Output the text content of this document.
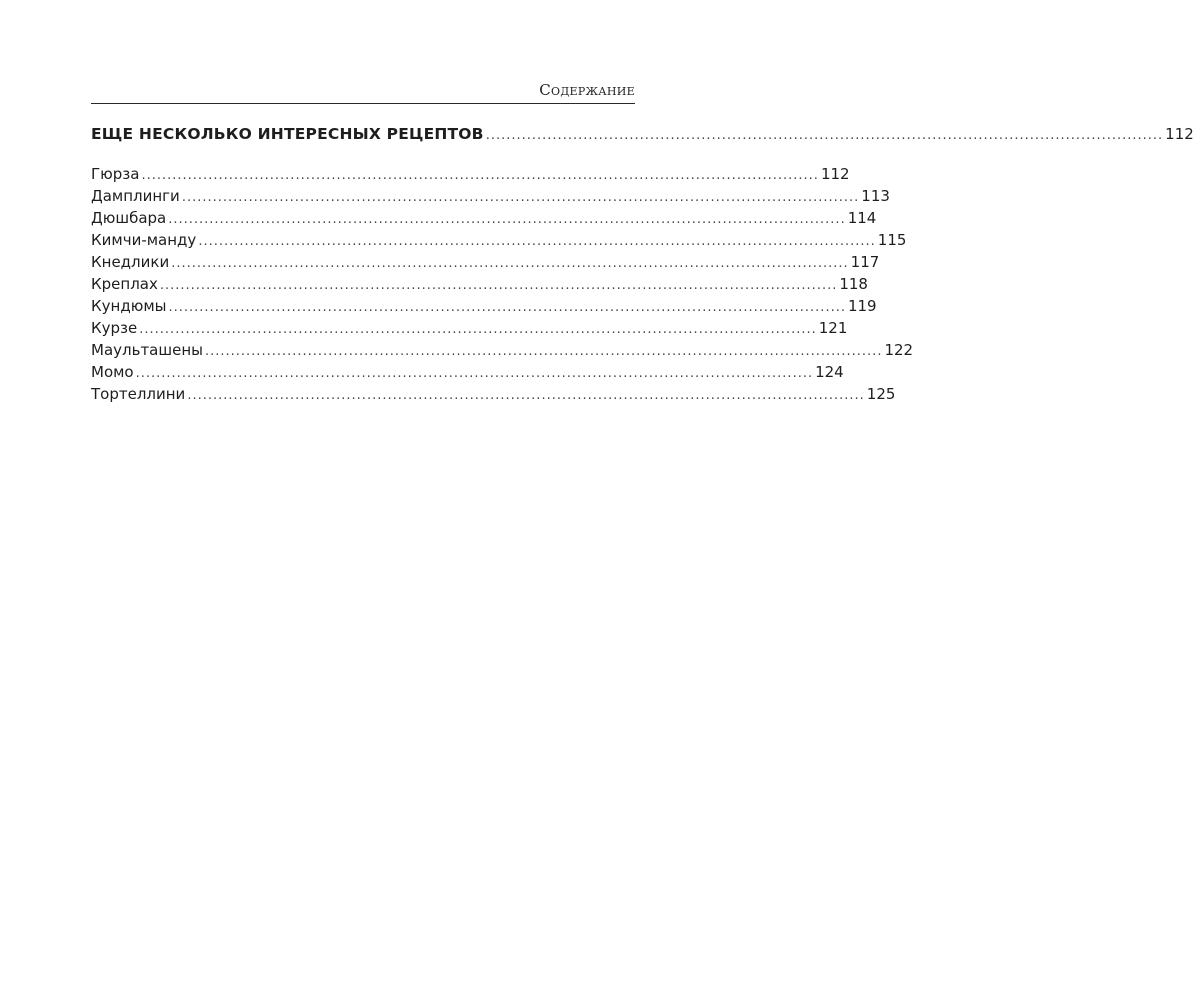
Содержание
ЕЩЕ НЕСКОЛЬКО ИНТЕРЕСНЫХ РЕЦЕПТОВ .................................................................................................................................... 112
Гюрза .................................................................................................................................... 112
Дамплинги .................................................................................................................................... 113
Дюшбара .................................................................................................................................... 114
Кимчи-манду .................................................................................................................................... 115
Кнедлики .................................................................................................................................... 117
Креплах .................................................................................................................................... 118
Кундюмы .................................................................................................................................... 119
Курзе .................................................................................................................................... 121
Маульташены .................................................................................................................................... 122
Момо .................................................................................................................................... 124
Тортеллини .................................................................................................................................... 125
